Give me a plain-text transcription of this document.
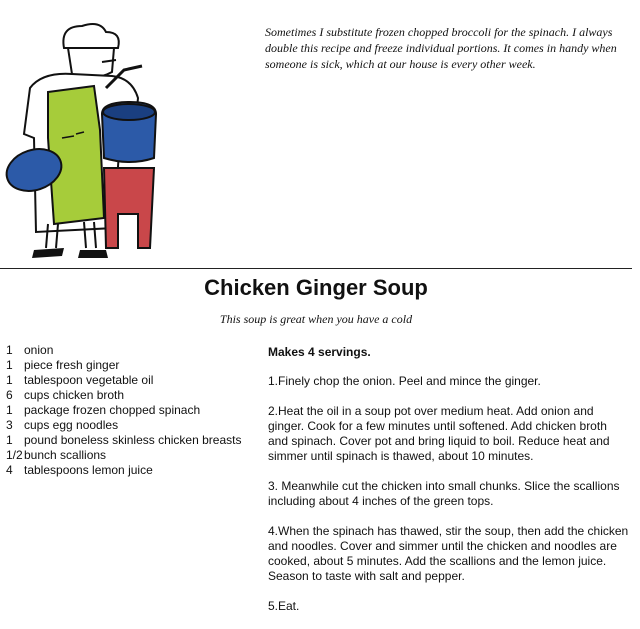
Sometimes I substitute frozen chopped broccoli for the spinach. I always double this recipe and freeze individual portions. It comes in handy when someone is sick, which at our house is every other week.
Chicken Ginger Soup
This soup is great when you have a cold
1 onion
1 piece fresh ginger
1 tablespoon vegetable oil
6 cups chicken broth
1 package frozen chopped spinach
3 cups egg noodles
1 pound boneless skinless chicken breasts
1/2 bunch scallions
4 tablespoons lemon juice

Makes 4 servings.

1.Finely chop the onion. Peel and mince the ginger.

2.Heat the oil in a soup pot over medium heat. Add onion and ginger. Cook for a few minutes until softened. Add chicken broth and spinach. Cover pot and bring liquid to boil. Reduce heat and simmer until spinach is thawed, about 10 minutes.

3. Meanwhile cut the chicken into small chunks. Slice the scallions including about 4 inches of the green tops.

4.When the spinach has thawed, stir the soup, then add the chicken and noodles. Cover and simmer until the chicken and noodles are cooked, about 5 minutes. Add the scallions and the lemon juice. Season to taste with salt and pepper.

5.Eat.
